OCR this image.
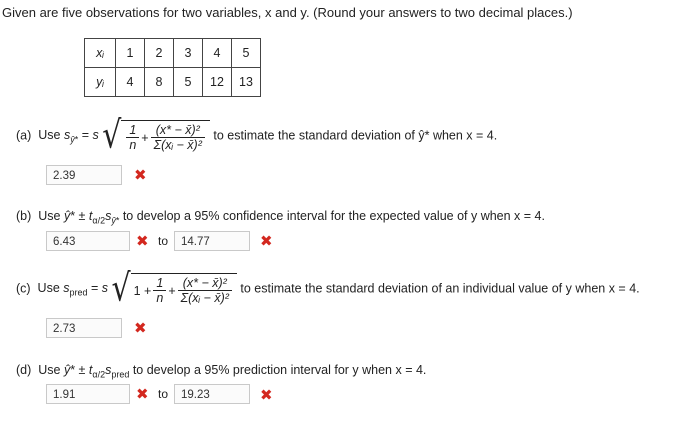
Given are five observations for two variables, x and y. (Round your answers to two decimal places.)
xᵢ	1	2	3	4	5
yᵢ	4	8	5	12	13
(a)  Use $s_{ŷ*} = s$ √ $\frac{1}{n} + \frac{\text{(x* − x̄)²}}{\text{Σ(xᵢ − x̄)²}}$ to estimate the standard deviation of ŷ* when x = 4.
2.39	✖
(b)  Use ŷ* ± $t_{\alpha/2}s_{ŷ*}$ to develop a 95% confidence interval for the expected value of y when x = 4.
6.43	✖ to	14.77	✖
(c)  Use $s_{pred} = s$ √ $1 + \frac{1}{n} + \frac{\text{(x* − x̄)²}}{\text{Σ(xᵢ − x̄)²}}$ to estimate the standard deviation of an individual value of y when x = 4.
2.73	✖
(d)  Use ŷ* ± $t_{\alpha/2}s_{pred}$ to develop a 95% prediction interval for y when x = 4.
1.91	✖ to	19.23	✖
